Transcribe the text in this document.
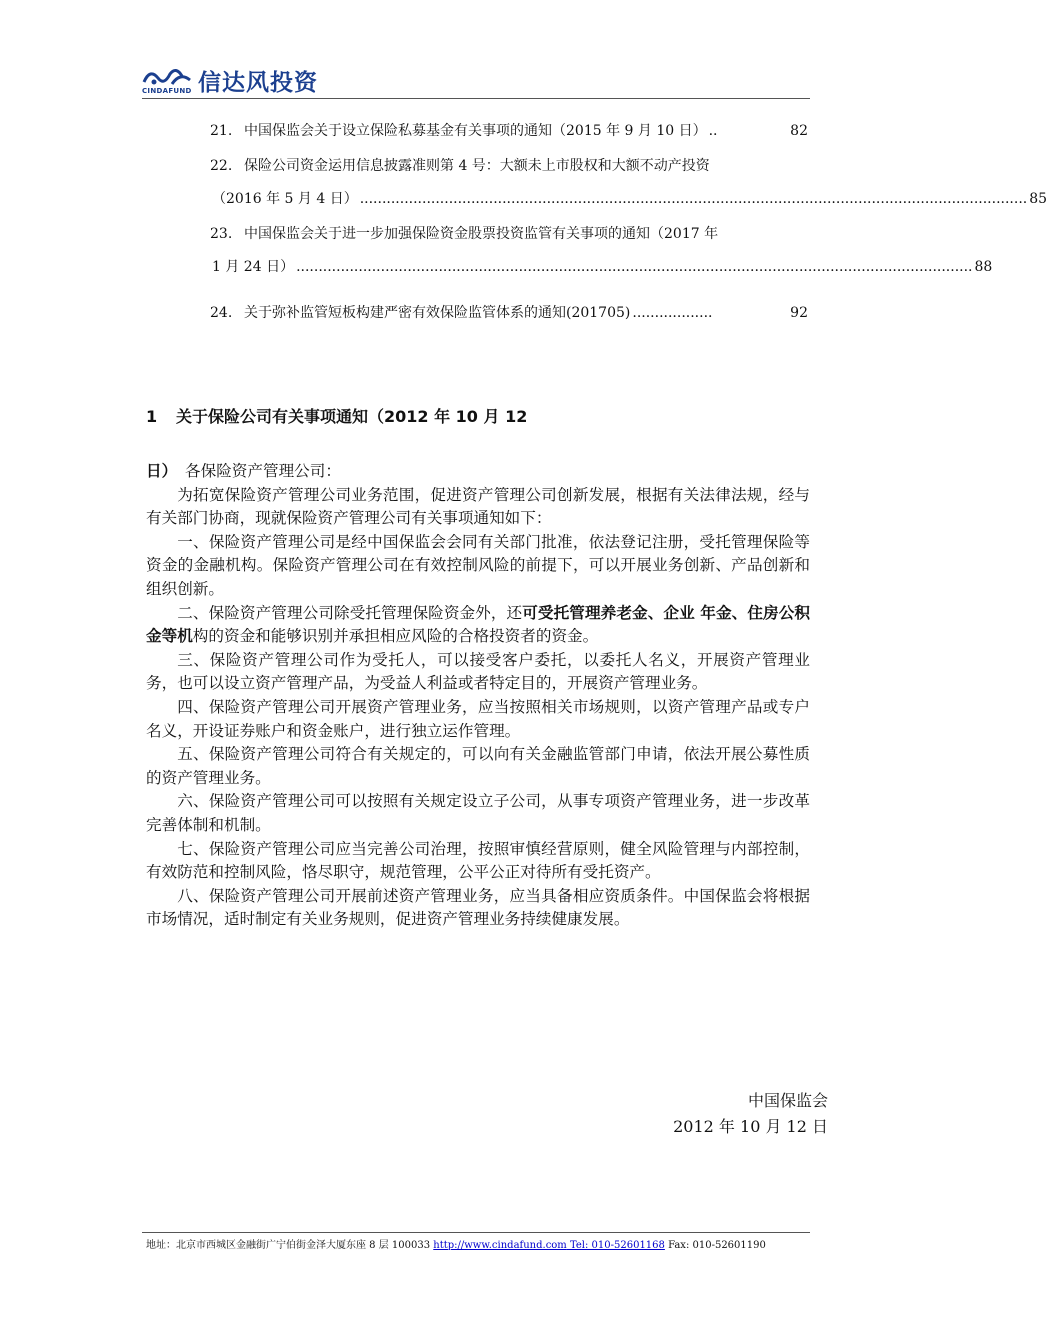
CINDAFUND 信达风投资
21. 中国保监会关于设立保险私募基金有关事项的通知（2015 年 9 月 10 日） ..	82
22. 保险公司资金运用信息披露准则第 4 号：大额未上市股权和大额不动产投资
（2016 年 5 月 4 日） ...................................................................................................................................................... 85
23. 中国保监会关于进一步加强保险资金股票投资监管有关事项的通知（2017 年
1 月 24 日） ........................................................................................................................................................ 88
24. 关于弥补监管短板构建严密有效保险监管体系的通知(201705) ..................	92
1 关于保险公司有关事项通知（2012 年 10 月 12

日）  各保险资产管理公司：

为拓宽保险资产管理公司业务范围，促进资产管理公司创新发展，根据有关法律法规，经与有关部门协商，现就保险资产管理公司有关事项通知如下：

一、保险资产管理公司是经中国保监会会同有关部门批准，依法登记注册，受托管理保险等资金的金融机构。保险资产管理公司在有效控制风险的前提下，可以开展业务创新、产品创新和组织创新。

二、保险资产管理公司除受托管理保险资金外，还可受托管理养老金、企业 年金、住房公积金等机构的资金和能够识别并承担相应风险的合格投资者的资金。

三、保险资产管理公司作为受托人，可以接受客户委托，以委托人名义，开展资产管理业务，也可以设立资产管理产品，为受益人利益或者特定目的，开展资产管理业务。

四、保险资产管理公司开展资产管理业务，应当按照相关市场规则，以资产管理产品或专户名义，开设证券账户和资金账户，进行独立运作管理。

五、保险资产管理公司符合有关规定的，可以向有关金融监管部门申请，依法开展公募性质的资产管理业务。

六、保险资产管理公司可以按照有关规定设立子公司，从事专项资产管理业务，进一步改革完善体制和机制。

七、保险资产管理公司应当完善公司治理，按照审慎经营原则，健全风险管理与内部控制，有效防范和控制风险，恪尽职守，规范管理，公平公正对待所有受托资产。

八、保险资产管理公司开展前述资产管理业务，应当具备相应资质条件。中国保监会将根据市场情况，适时制定有关业务规则，促进资产管理业务持续健康发展。

中国保监会
2012 年 10 月 12 日
地址：北京市西城区金融街广宁伯街金泽大厦东座 8 层 100033 http://www.cindafund.com Tel: 010-52601168 Fax: 010-52601190
